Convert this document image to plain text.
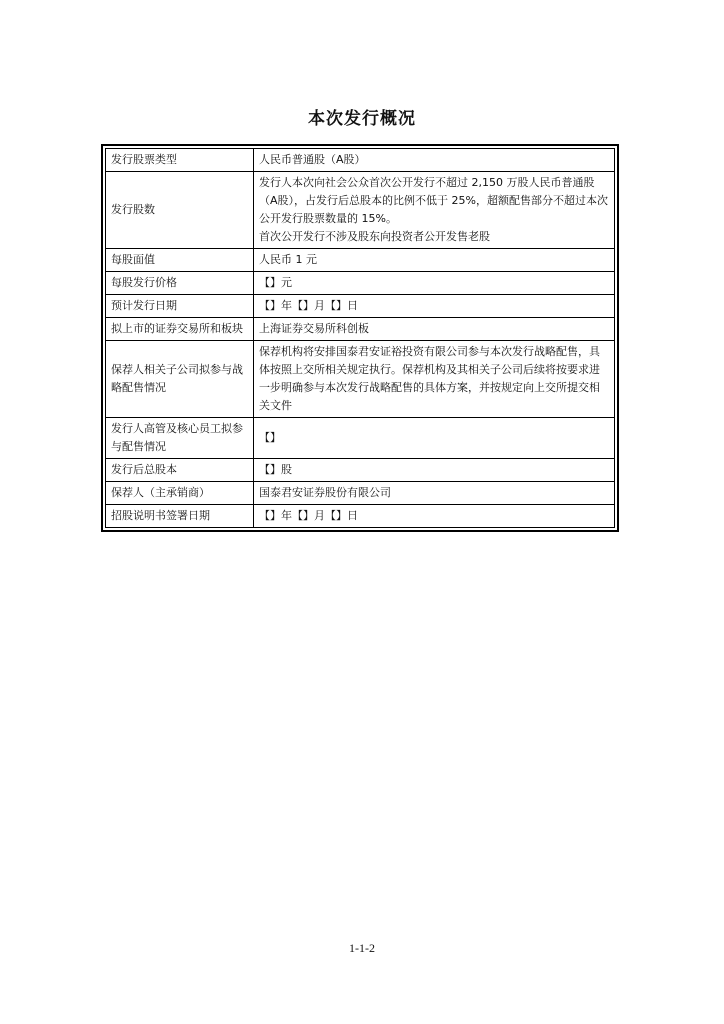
本次发行概况
发行股票类型	人民币普通股（A股）
发行股数	发行人本次向社会公众首次公开发行不超过 2,150 万股人民币普通股（A股），占发行后总股本的比例不低于 25%，超额配售部分不超过本次公开发行股票数量的 15%。
首次公开发行不涉及股东向投资者公开发售老股

每股面值	人民币 1 元
每股发行价格	【】元
预计发行日期	【】年【】月【】日
拟上市的证券交易所和板块	上海证券交易所科创板
保荐人相关子公司拟参与战略配售情况	保荐机构将安排国泰君安证裕投资有限公司参与本次发行战略配售，具体按照上交所相关规定执行。保荐机构及其相关子公司后续将按要求进一步明确参与本次发行战略配售的具体方案，并按规定向上交所提交相关文件
发行人高管及核心员工拟参与配售情况	【】
发行后总股本	【】股
保荐人（主承销商）	国泰君安证券股份有限公司
招股说明书签署日期	【】年【】月【】日
1-1-2
